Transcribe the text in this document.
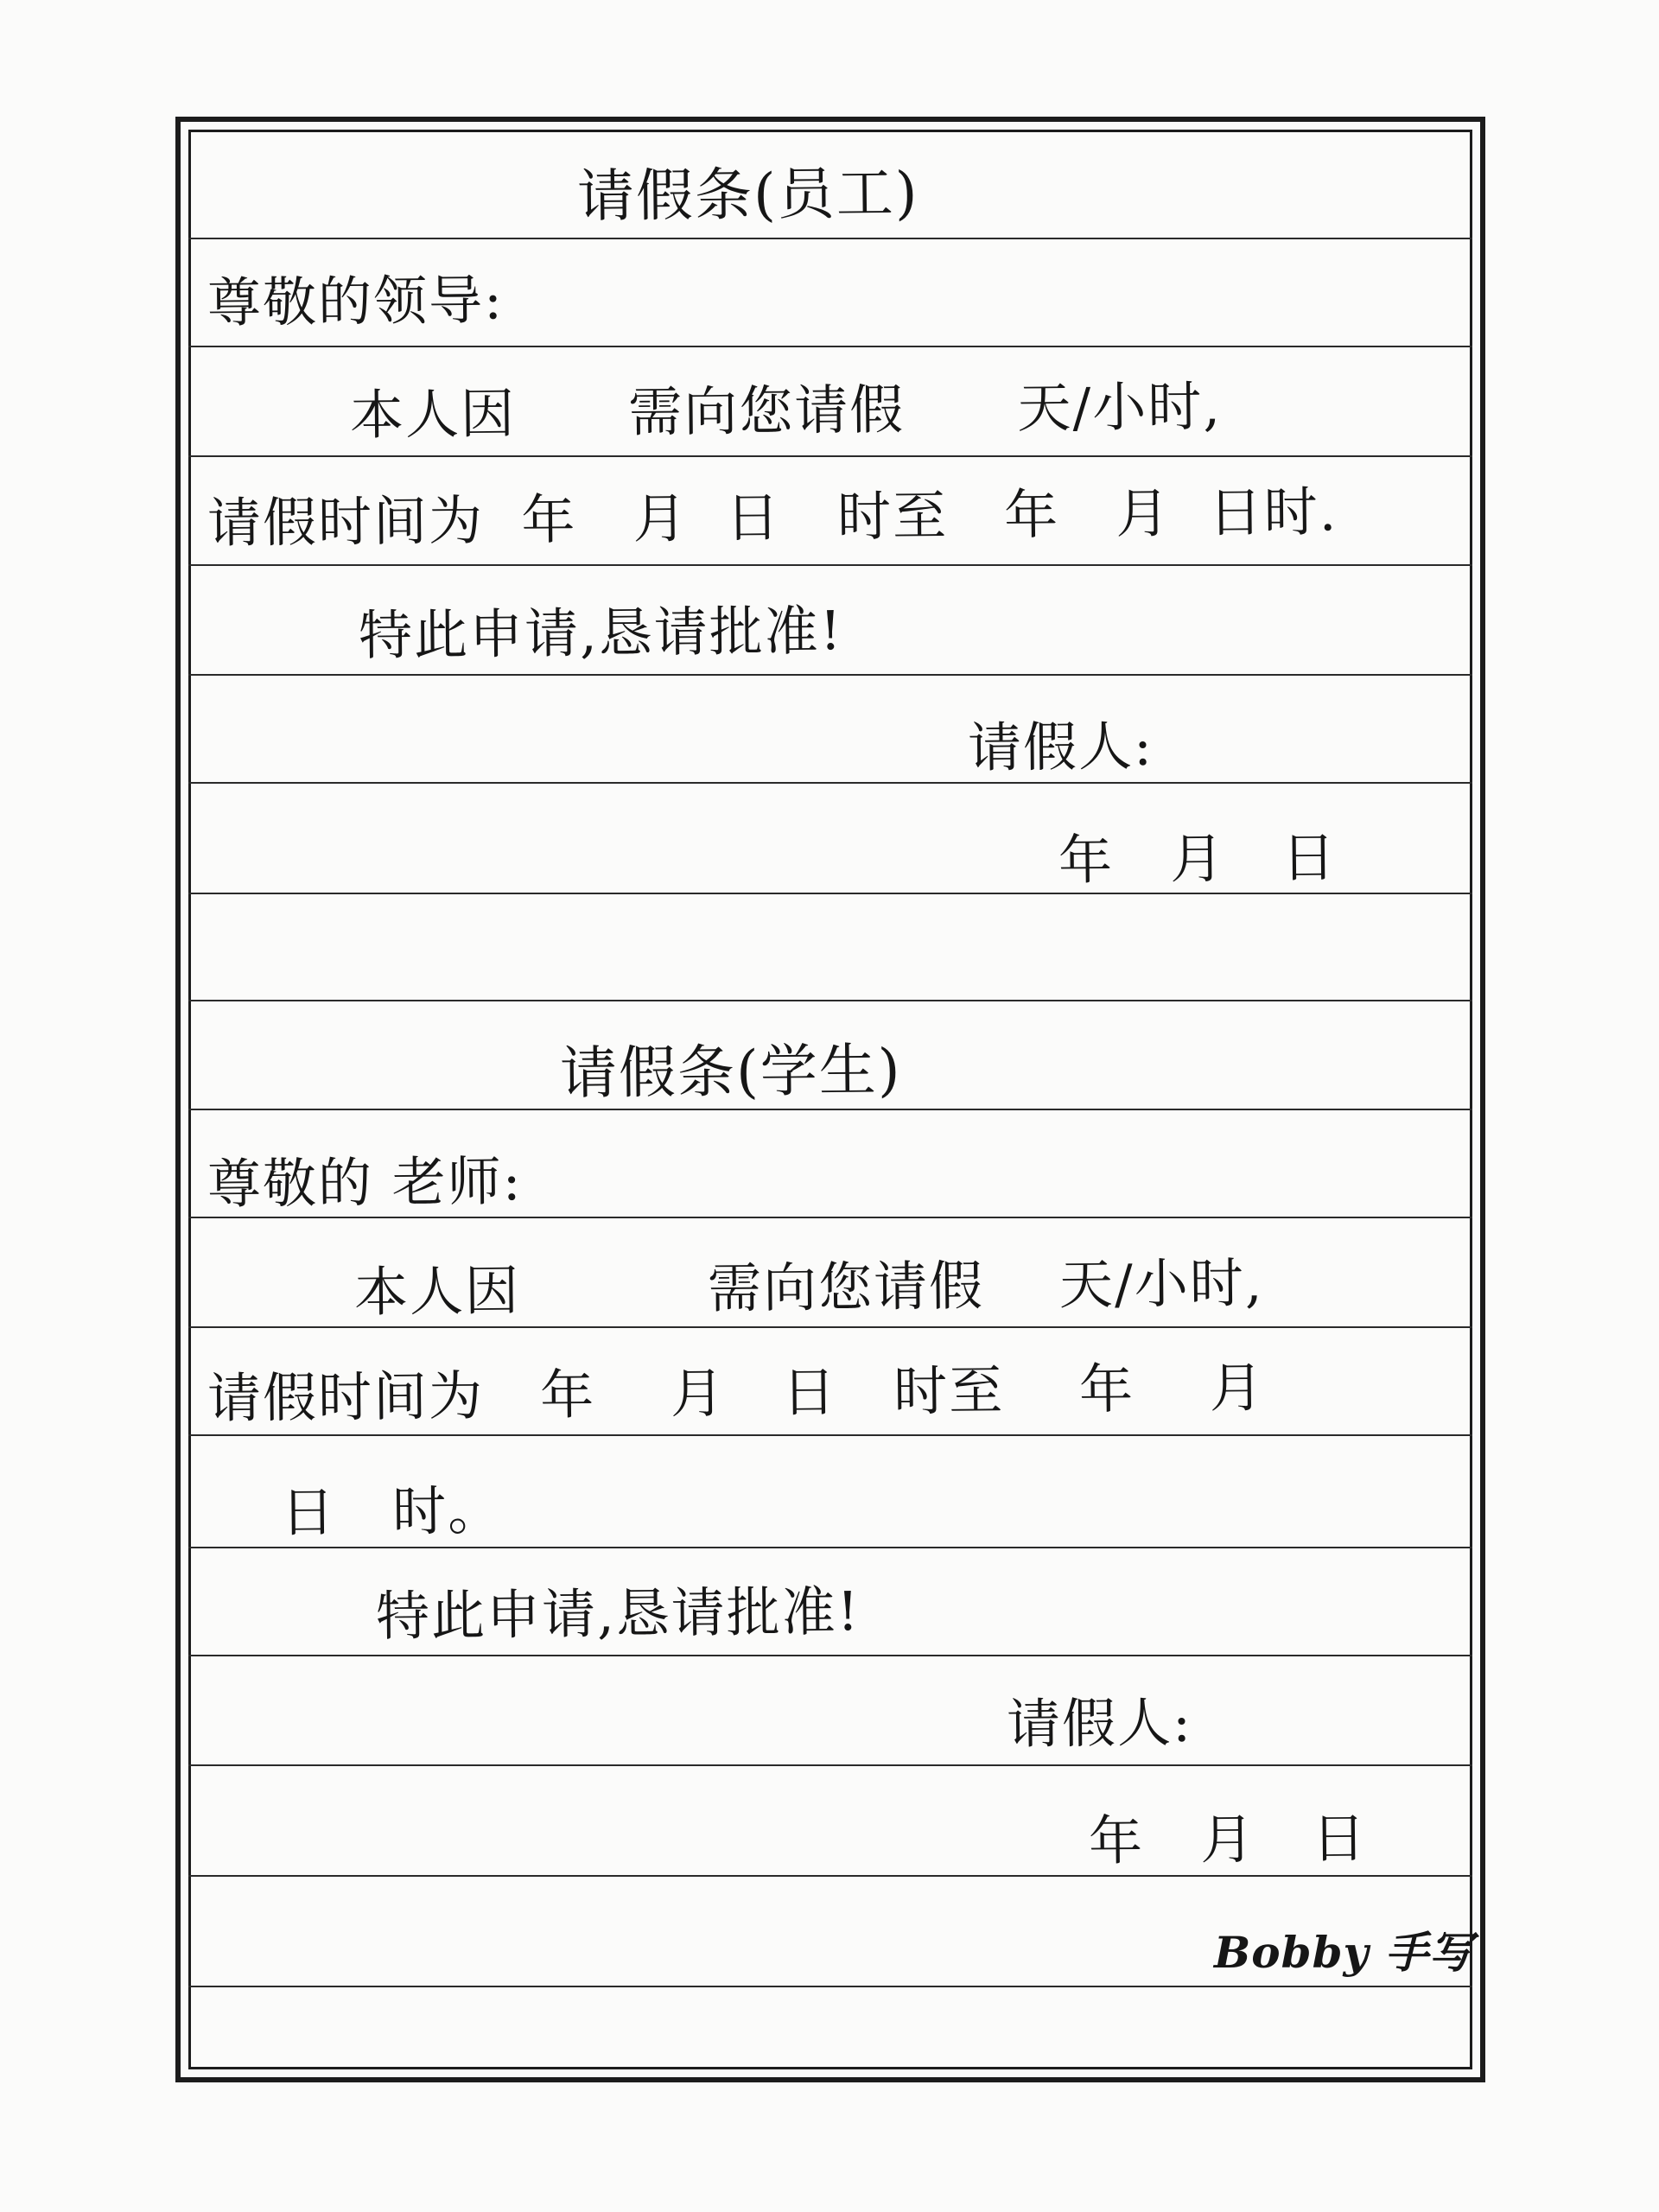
请假条(员工)
尊敬的领导:
本人因      需向您请假      天/小时,
请假时间为  年   月  日   时至   年   月  日时.
特此申请,恳请批准!
请假人:
年   月   日
请假条(学生)
尊敬的 老师:
本人因          需向您请假    天/小时,
请假时间为   年    月   日   时至    年    月
日   时。
特此申请,恳请批准!
请假人:
年   月   日
Bobby 手写
